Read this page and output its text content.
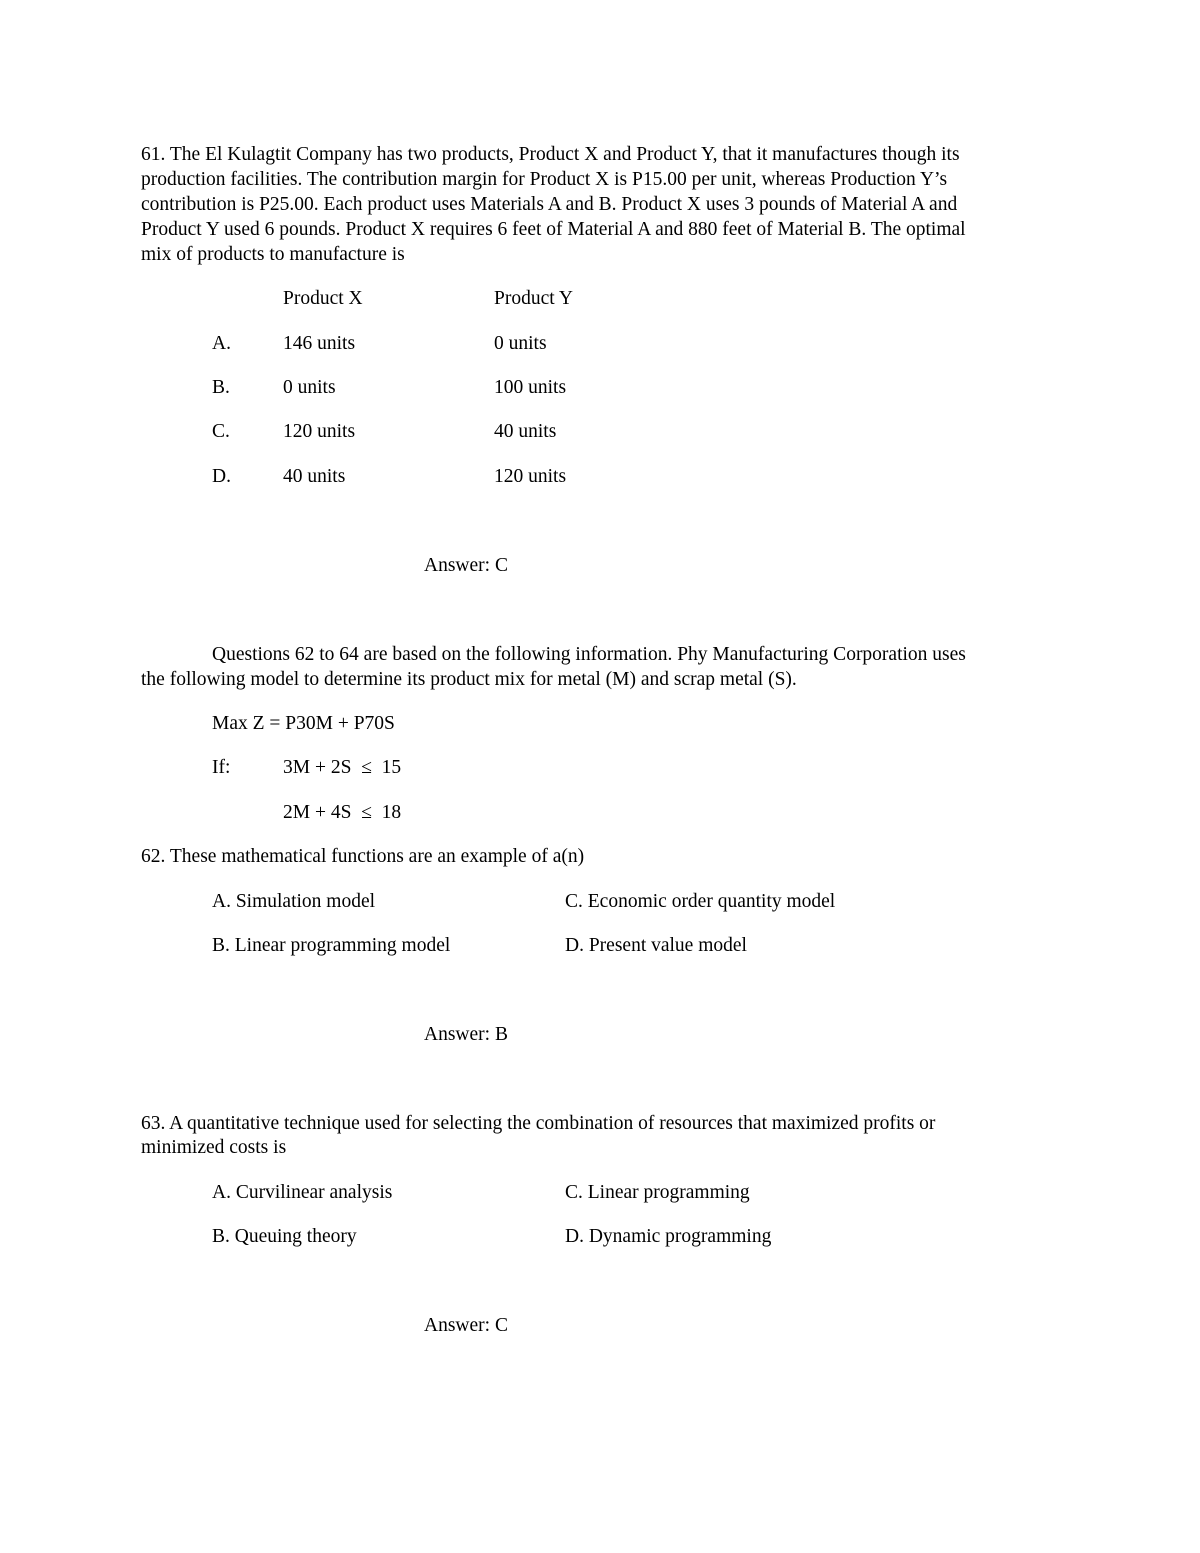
61. The El Kulagtit Company has two products, Product X and Product Y, that it manufactures though its
production facilities. The contribution margin for Product X is P15.00 per unit, whereas Production Y’s
contribution is P25.00. Each product uses Materials A and B. Product X uses 3 pounds of Material A and
Product Y used 6 pounds. Product X requires 6 feet of Material A and 880 feet of Material B. The optimal
mix of products to manufacture is
Product X	Product Y
A.	146 units	0 units
B.	0 units	100 units
C.	120 units	40 units
D.	40 units	120 units
Answer: C
Questions 62 to 64 are based on the following information. Phy Manufacturing Corporation uses
the following model to determine its product mix for metal (M) and scrap metal (S).
Max Z = P30M + P70S
If:	3M + 2S  ≤  15
2M + 4S  ≤  18
62. These mathematical functions are an example of a(n)
A. Simulation model	C. Economic order quantity model
B. Linear programming model	D. Present value model
Answer: B
63. A quantitative technique used for selecting the combination of resources that maximized profits or
minimized costs is
A. Curvilinear analysis	C. Linear programming
B. Queuing theory	D. Dynamic programming
Answer: C
